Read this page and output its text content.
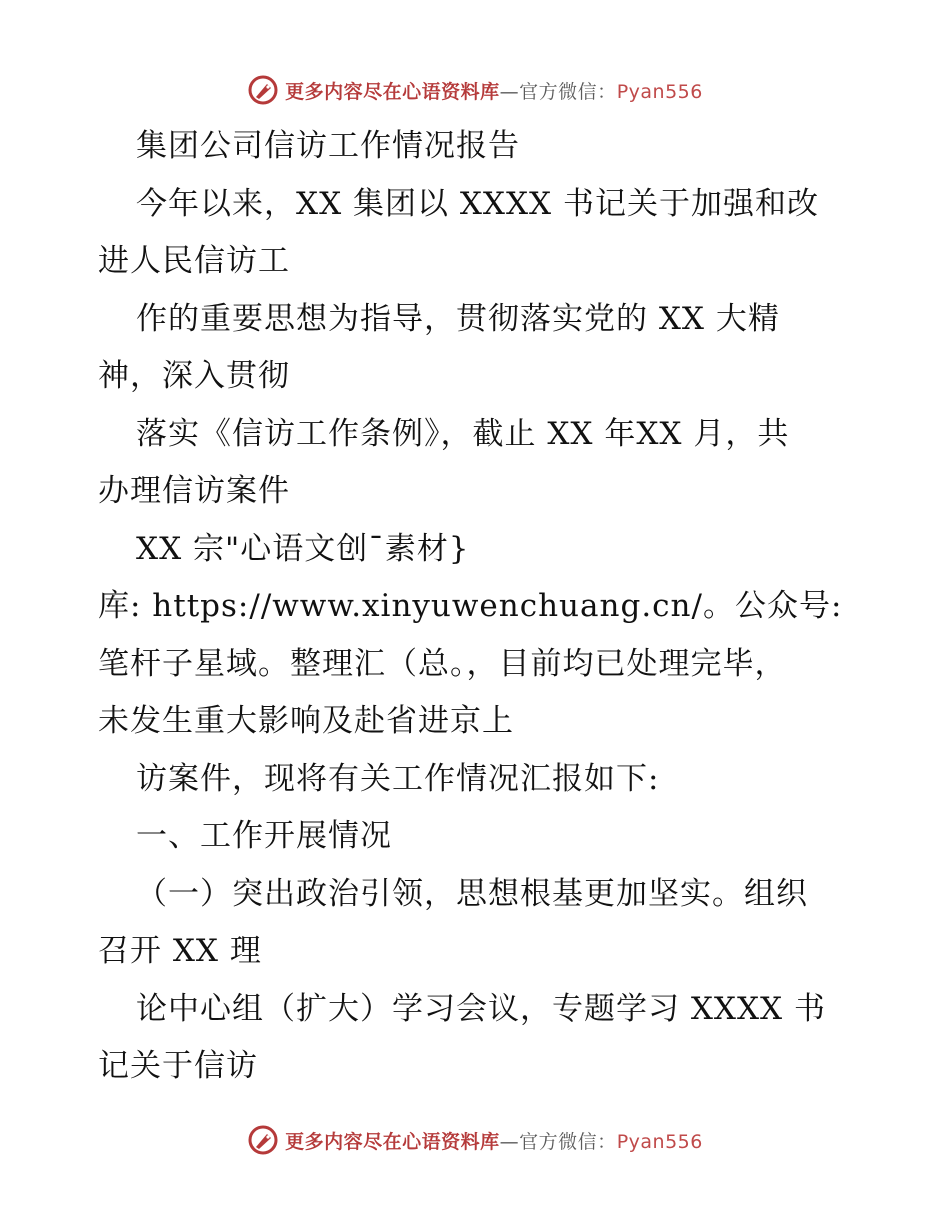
更多内容尽在心语资料库—官方微信：Pyan556
集团公司信访工作情况报告
今年以来，XX 集团以 XXXX 书记关于加强和改
进人民信访工
作的重要思想为指导，贯彻落实党的 XX 大精
神，深入贯彻
落实《信访工作条例》，截止 XX 年XX 月，共
办理信访案件
XX 宗"心语文创¯素材}
库: https://www.xinyuwenchuang.cn/。公众号:
笔杆子星域。整理汇（总。，目前均已处理完毕，
未发生重大影响及赴省进京上
访案件，现将有关工作情况汇报如下:
一、工作开展情况
（一）突出政治引领，思想根基更加坚实。组织
召开 XX 理
论中心组（扩大）学习会议，专题学习 XXXX 书
记关于信访
更多内容尽在心语资料库—官方微信：Pyan556
